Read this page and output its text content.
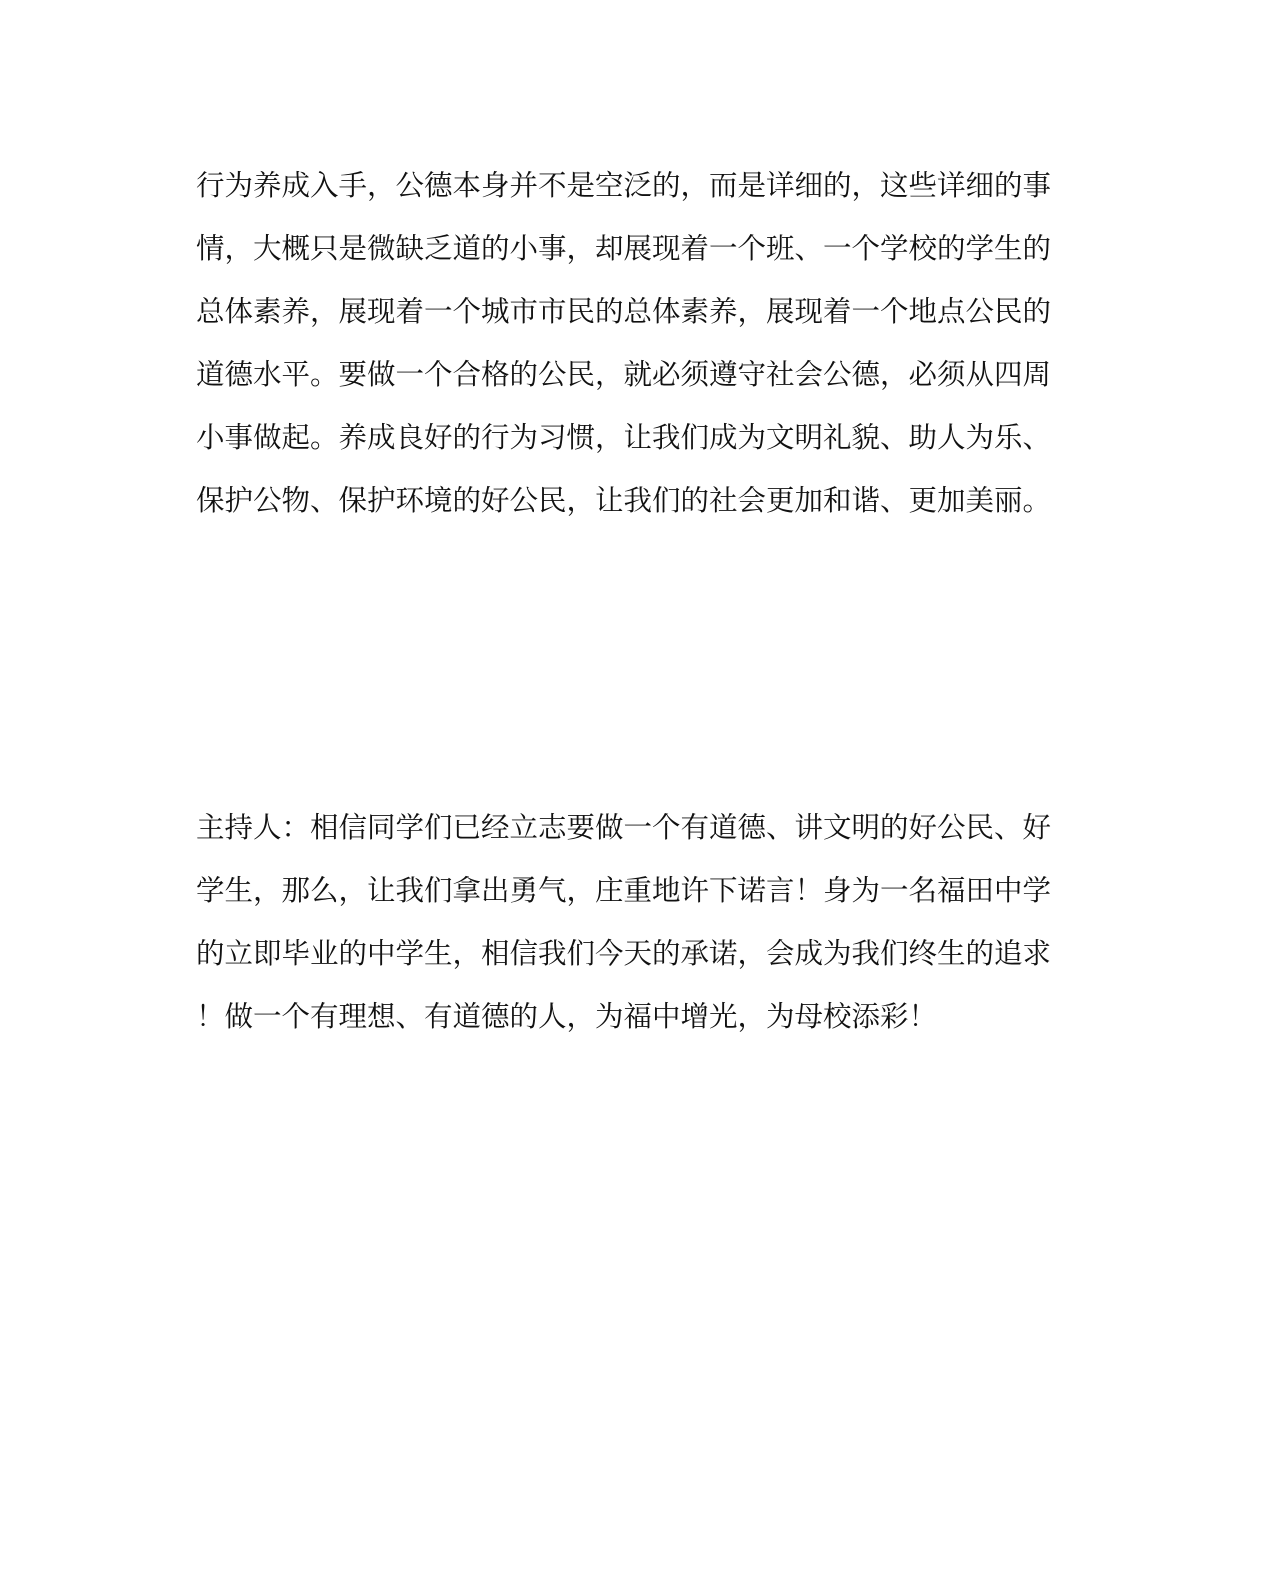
行为养成入手，公德本身并不是空泛的，而是详细的，这些详细的事
情，大概只是微缺乏道的小事，却展现着一个班、一个学校的学生的
总体素养，展现着一个城市市民的总体素养，展现着一个地点公民的
道德水平。要做一个合格的公民，就必须遵守社会公德，必须从四周
小事做起。养成良好的行为习惯，让我们成为文明礼貌、助人为乐、
保护公物、保护环境的好公民，让我们的社会更加和谐、更加美丽。
主持人：相信同学们已经立志要做一个有道德、讲文明的好公民、好
学生，那么，让我们拿出勇气，庄重地许下诺言！身为一名福田中学
的立即毕业的中学生，相信我们今天的承诺，会成为我们终生的追求
！做一个有理想、有道德的人，为福中增光，为母校添彩！
